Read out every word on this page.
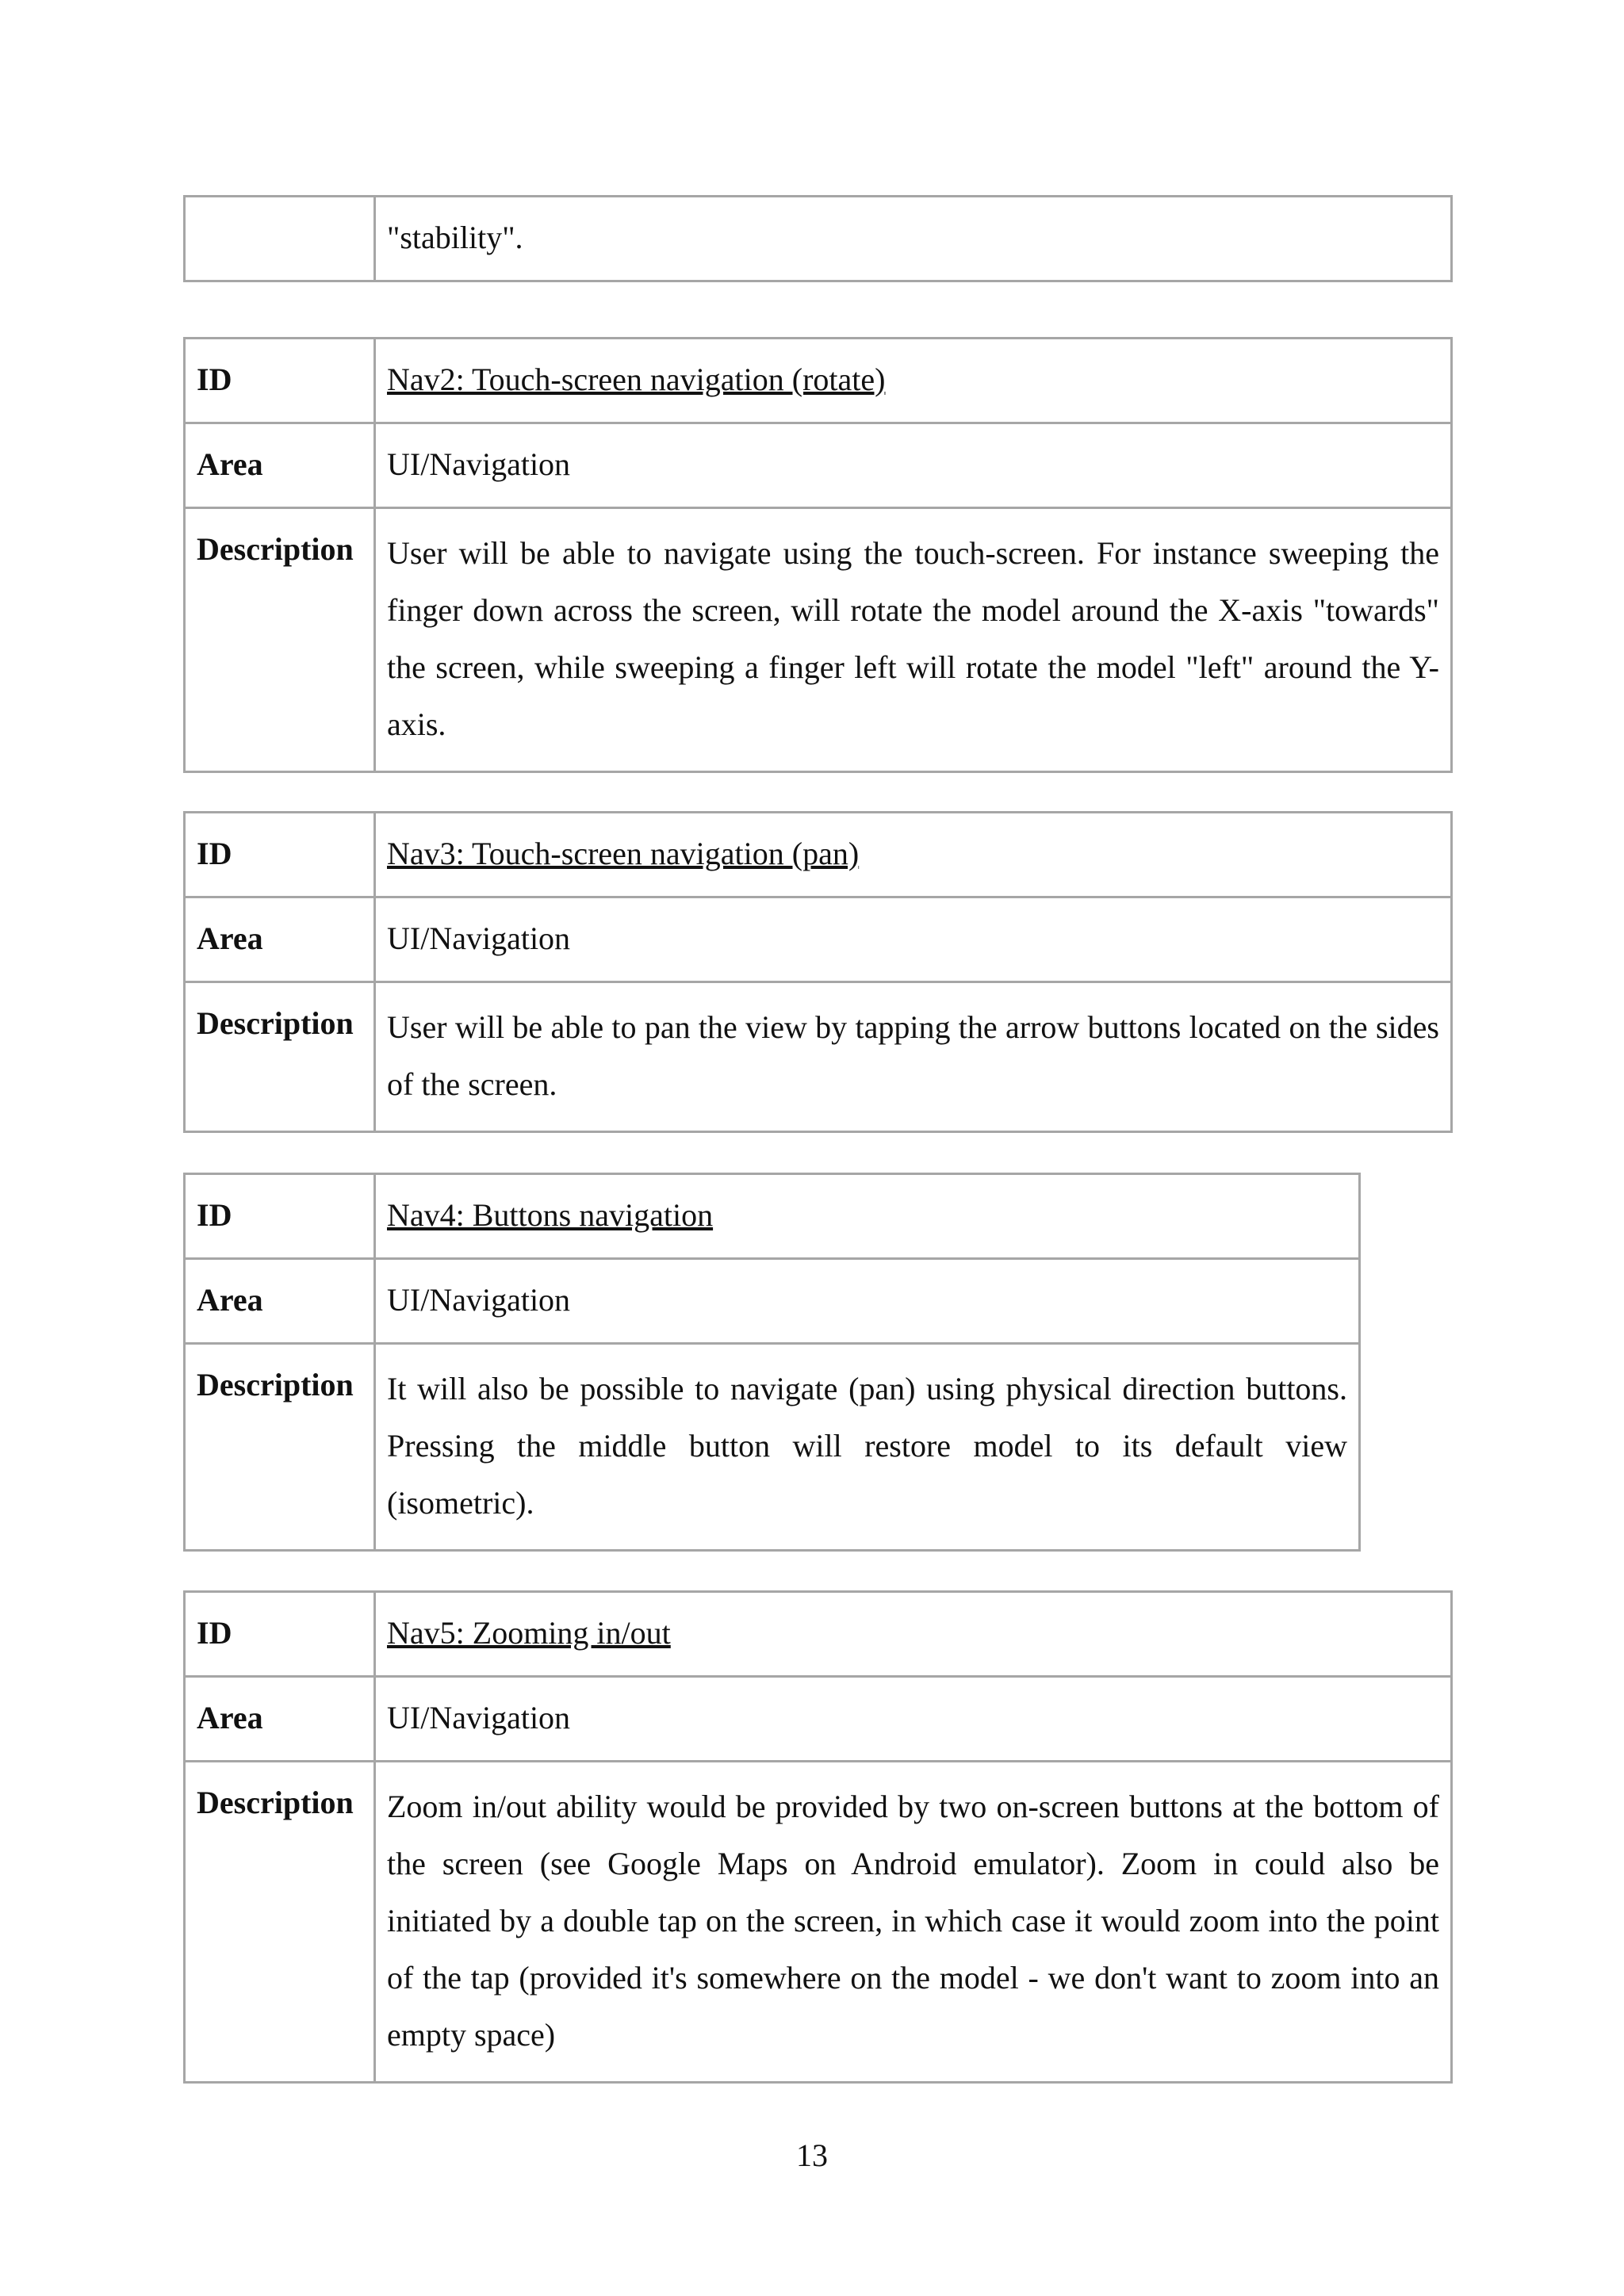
	"stability".
ID	Nav2: Touch-screen navigation (rotate)
Area	UI/Navigation
Description	User will be able to navigate using the touch-screen. For instance sweeping the finger down across the screen, will rotate the model around the X-axis "towards" the screen, while sweeping a finger left will rotate the model "left" around the Y-axis.
ID	Nav3: Touch-screen navigation (pan)
Area	UI/Navigation
Description	User will be able to pan the view by tapping the arrow buttons located on the sides of the screen.
ID	Nav4: Buttons navigation
Area	UI/Navigation
Description	It will also be possible to navigate (pan) using physical direction buttons. Pressing the middle button will restore model to its default view (isometric).
ID	Nav5: Zooming in/out
Area	UI/Navigation
Description	Zoom in/out ability would be provided by two on-screen buttons at the bottom of the screen (see Google Maps on Android emulator). Zoom in could also be initiated by a double tap on the screen, in which case it would zoom into the point of the tap (provided it's somewhere on the model - we don't want to zoom into an empty space)
13
